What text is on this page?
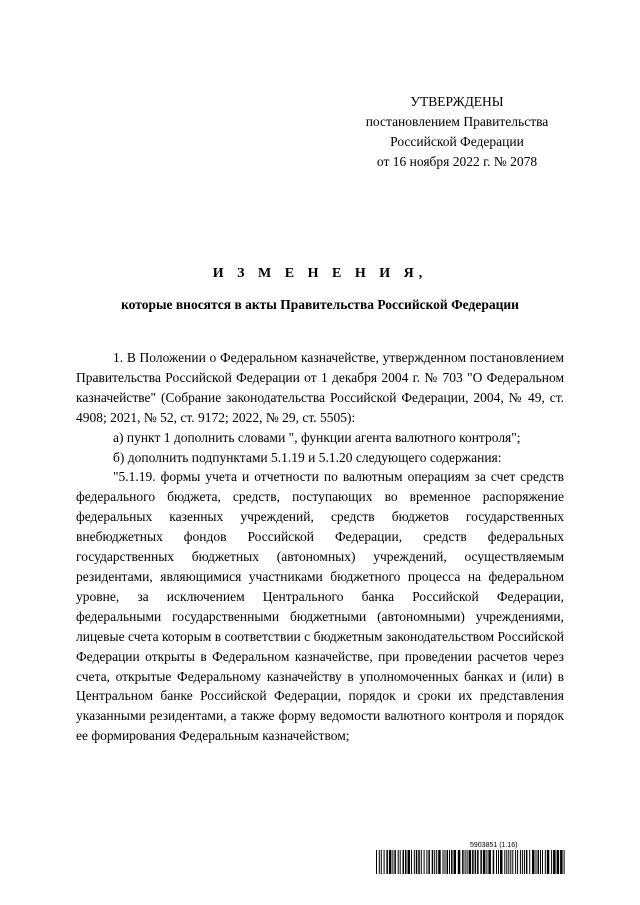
УТВЕРЖДЕНЫ
постановлением Правительства
Российской Федерации
от 16 ноября 2022 г. № 2078
И З М Е Н Е Н И Я,
которые вносятся в акты Правительства Российской Федерации

1. В Положении о Федеральном казначействе, утвержденном постановлением Правительства Российской Федерации от 1 декабря 2004 г. № 703 "О Федеральном казначействе" (Собрание законодательства Российской Федерации, 2004, № 49, ст. 4908; 2021, № 52, ст. 9172; 2022, № 29, ст. 5505):

а) пункт 1 дополнить словами ", функции агента валютного контроля";

б) дополнить подпунктами 5.1.19 и 5.1.20 следующего содержания:

"5.1.19. формы учета и отчетности по валютным операциям за счет средств федерального бюджета, средств, поступающих во временное распоряжение федеральных казенных учреждений, средств бюджетов государственных внебюджетных фондов Российской Федерации, средств федеральных государственных бюджетных (автономных) учреждений, осуществляемым резидентами, являющимися участниками бюджетного процесса на федеральном уровне, за исключением Центрального банка Российской Федерации, федеральными государственными бюджетными (автономными) учреждениями, лицевые счета которым в соответствии с бюджетным законодательством Российской Федерации открыты в Федеральном казначействе, при проведении расчетов через счета, открытые Федеральному казначейству в уполномоченных банках и (или) в Центральном банке Российской Федерации, порядок и сроки их представления указанными резидентами, а также форму ведомости валютного контроля и порядок ее формирования Федеральным казначейством;

5903851 (1.16)
